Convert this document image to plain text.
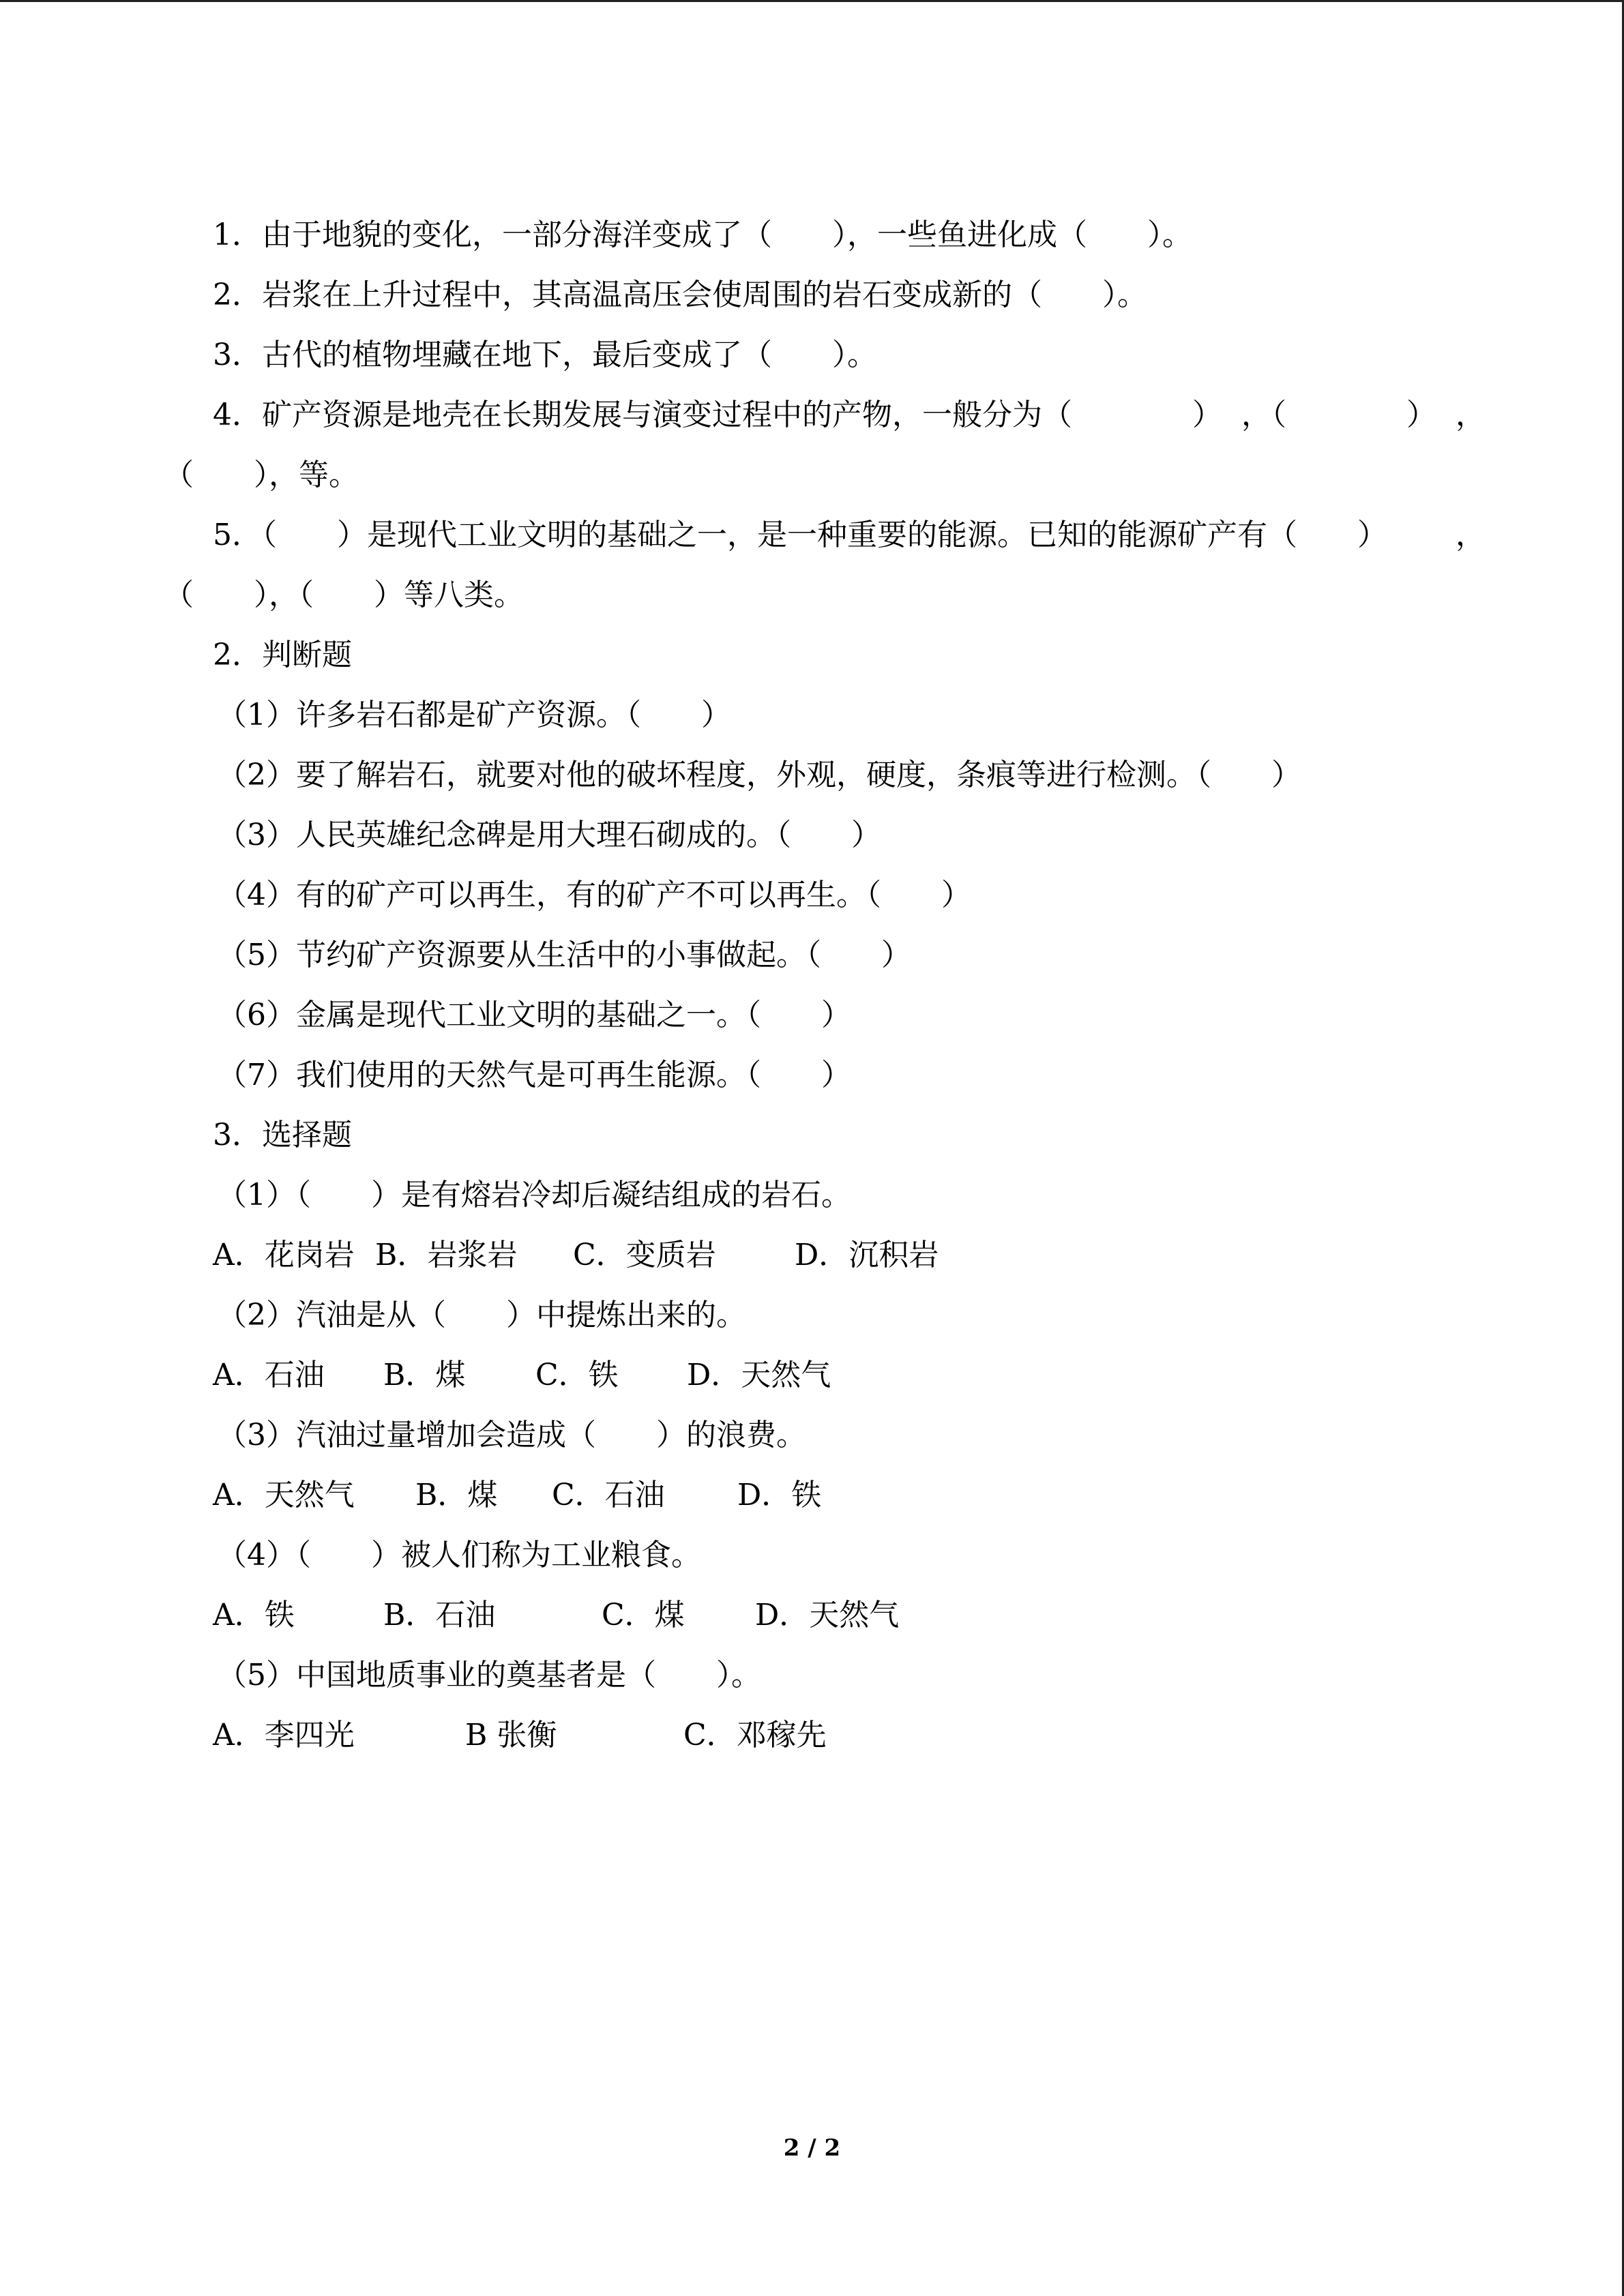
1．由于地貌的变化，一部分海洋变成了（　　），一些鱼进化成（　　）。
2．岩浆在上升过程中，其高温高压会使周围的岩石变成新的（　　）。
3．古代的植物埋藏在地下，最后变成了（　　）。
4．矿产资源是地壳在长期发展与演变过程中的产物，一般分为（　　　　） ，（　　　　） ，
（　　），等。
5．（　　）是现代工业文明的基础之一，是一种重要的能源。已知的能源矿产有（　　） ，
（　　），（　　）等八类。
2．判断题
（1）许多岩石都是矿产资源。（　　）
（2）要了解岩石，就要对他的破坏程度，外观，硬度，条痕等进行检测。（　　）
（3）人民英雄纪念碑是用大理石砌成的。（　　）
（4）有的矿产可以再生，有的矿产不可以再生。（　　）
（5）节约矿产资源要从生活中的小事做起。（　　）
（6）金属是现代工业文明的基础之一。（　　）
（7）我们使用的天然气是可再生能源。（　　）
3．选择题
（1）（　　）是有熔岩冷却后凝结组成的岩石。
A．花岗岩 B．岩浆岩	C．变质岩	D．沉积岩
（2）汽油是从（　　）中提炼出来的。
A．石油	B．煤	C．铁	D．天然气
（3）汽油过量增加会造成（　　）的浪费。
A．天然气	B．煤	C．石油	D．铁
（4）（　　）被人们称为工业粮食。
A．铁	B．石油	C．煤	D．天然气
（5）中国地质事业的奠基者是（　　）。
A．李四光	B 张衡	C．邓稼先
2 / 2
